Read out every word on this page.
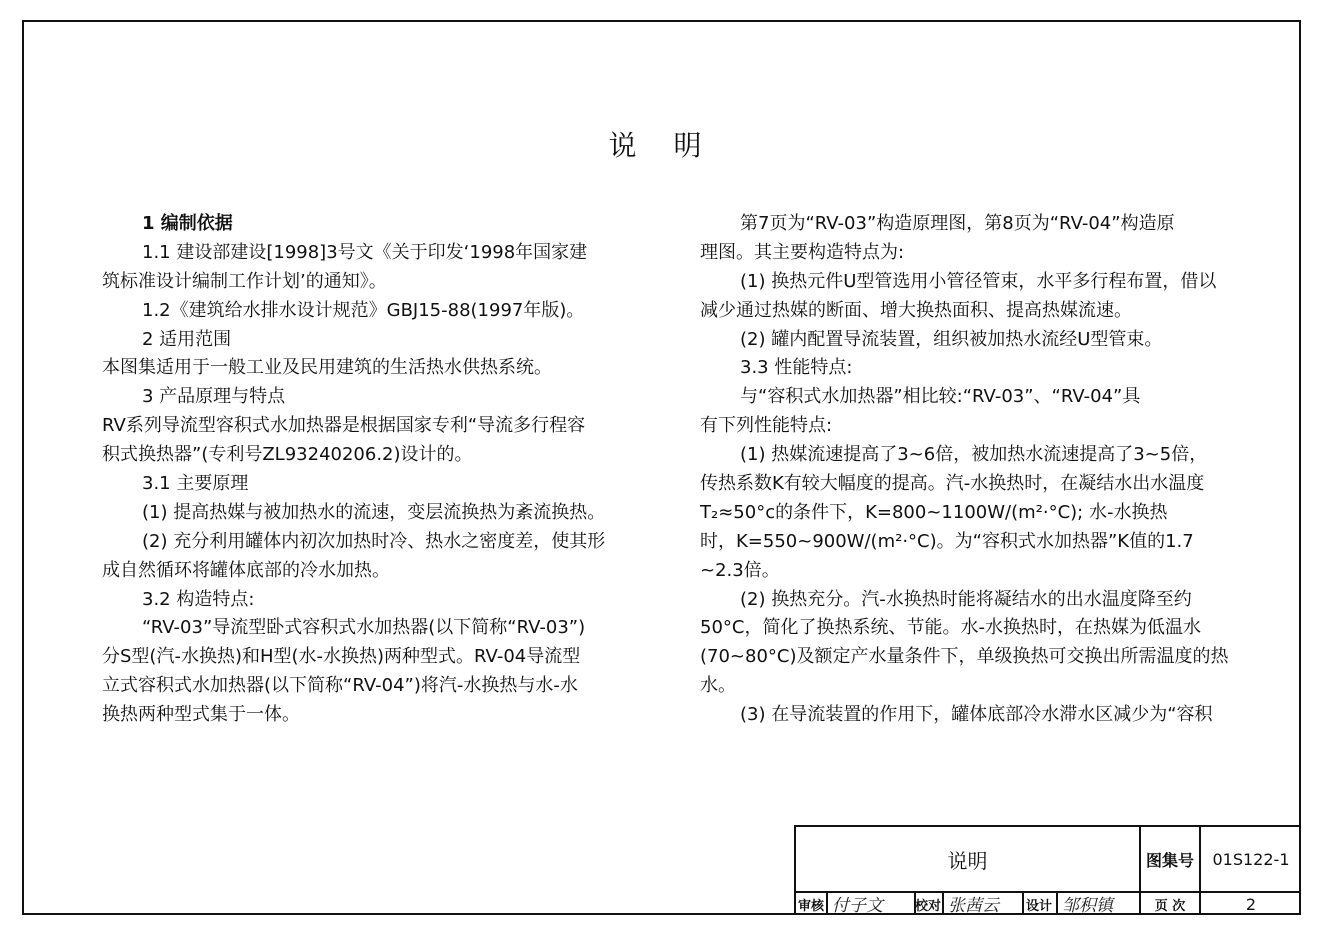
说 明
1 编制依据
1.1 建设部建设[1998]3号文《关于印发‘1998年国家建
筑标准设计编制工作计划’的通知》。
1.2《建筑给水排水设计规范》GBJ15-88(1997年版)。
2 适用范围
本图集适用于一般工业及民用建筑的生活热水供热系统。
3 产品原理与特点
RV系列导流型容积式水加热器是根据国家专利“导流多行程容
积式换热器”(专利号ZL93240206.2)设计的。
3.1 主要原理
(1) 提高热媒与被加热水的流速，变层流换热为紊流换热。
(2) 充分利用罐体内初次加热时冷、热水之密度差，使其形
成自然循环将罐体底部的冷水加热。
3.2 构造特点:
“RV-03”导流型卧式容积式水加热器(以下简称“RV-03”)
分S型(汽-水换热)和H型(水-水换热)两种型式。RV-04导流型
立式容积式水加热器(以下简称“RV-04”)将汽-水换热与水-水
换热两种型式集于一体。
第7页为“RV-03”构造原理图，第8页为“RV-04”构造原
理图。其主要构造特点为:
(1) 换热元件U型管选用小管径管束，水平多行程布置，借以
减少通过热媒的断面、增大换热面积、提高热媒流速。
(2) 罐内配置导流装置，组织被加热水流经U型管束。
3.3 性能特点:
与“容积式水加热器”相比较:“RV-03”、“RV-04”具
有下列性能特点:
(1) 热媒流速提高了3~6倍，被加热水流速提高了3~5倍，
传热系数K有较大幅度的提高。汽-水换热时，在凝结水出水温度
T₂≈50°c的条件下，K=800~1100W/(m²·°C); 水-水换热
时，K=550~900W/(m²·°C)。为“容积式水加热器”K值的1.7
~2.3倍。
(2) 换热充分。汽-水换热时能将凝结水的出水温度降至约
50°C，简化了换热系统、节能。水-水换热时，在热媒为低温水
(70~80°C)及额定产水量条件下，单级换热可交换出所需温度的热
水。
(3) 在导流装置的作用下，罐体底部冷水滞水区减少为“容积
说明	图集号	01S122-1
审核 付子文 校对 张茜云	设计 邹积镇	页 次	2
